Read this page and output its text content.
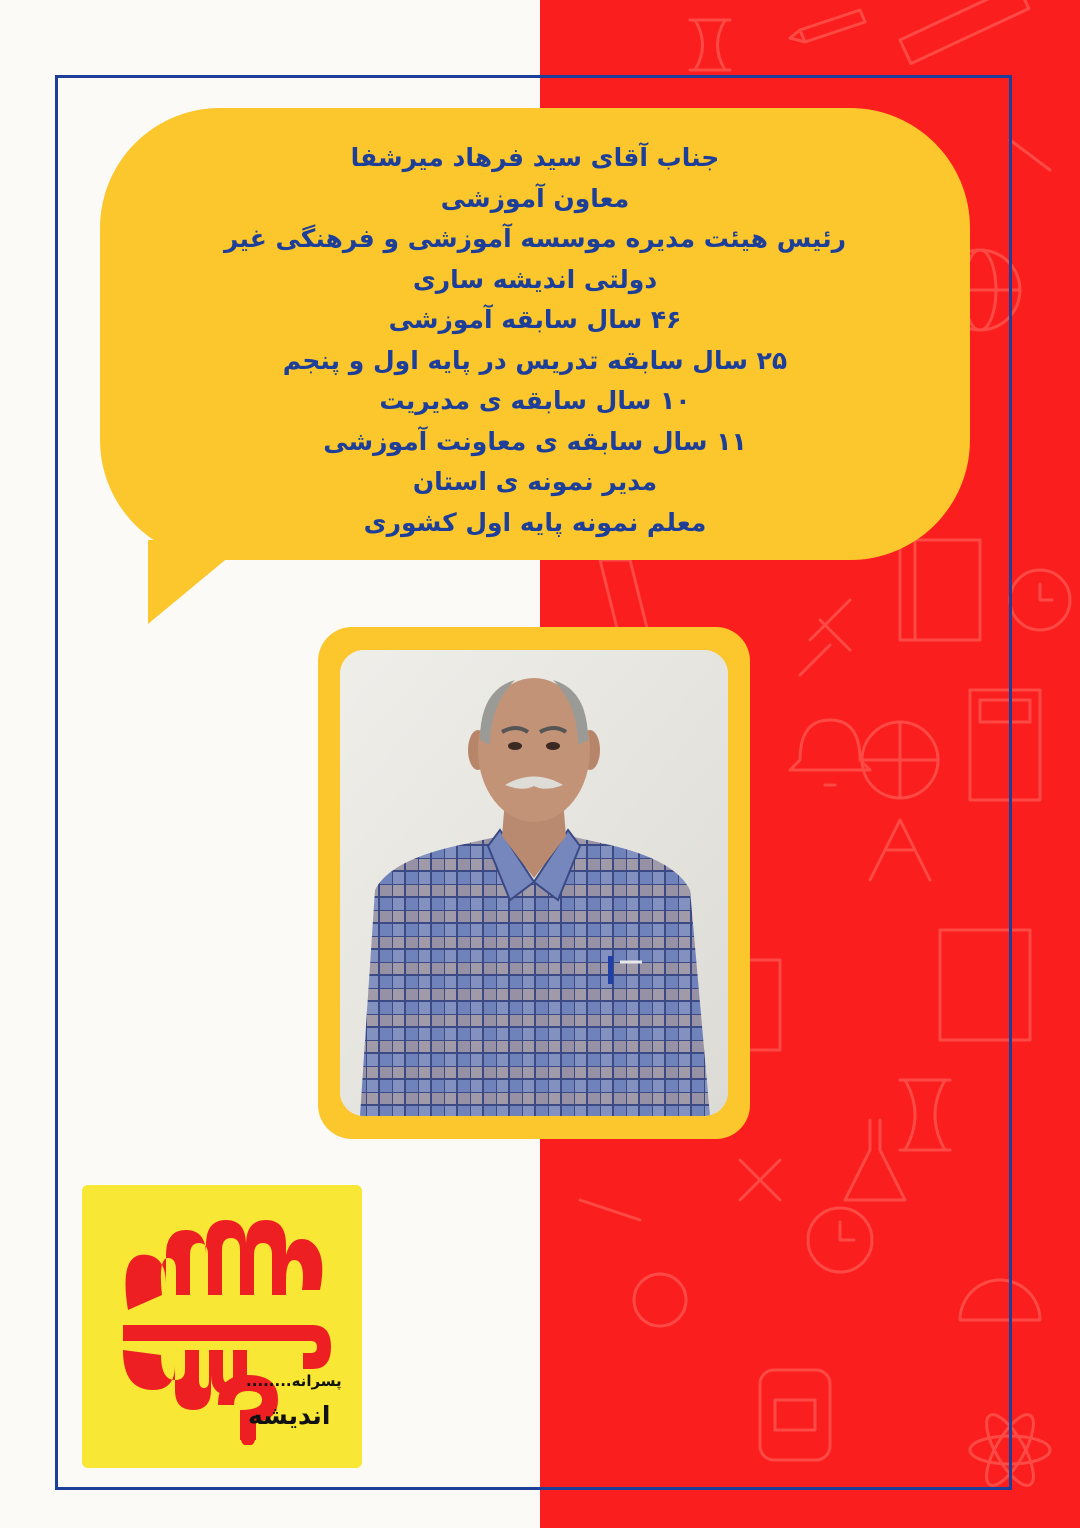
جناب آقای سید فرهاد میرشفا
معاون آموزشی
رئیس هیئت مدیره موسسه آموزشی و فرهنگی غیر
دولتی اندیشه ساری
۴۶ سال سابقه آموزشی
۲۵ سال سابقه تدریس در پایه اول و پنجم
۱۰ سال سابقه ی مدیریت
۱۱ سال سابقه ی معاونت آموزشی
مدیر نمونه ی استان
معلم نمونه پایه اول کشوری
پسرانه........
اندیشه
